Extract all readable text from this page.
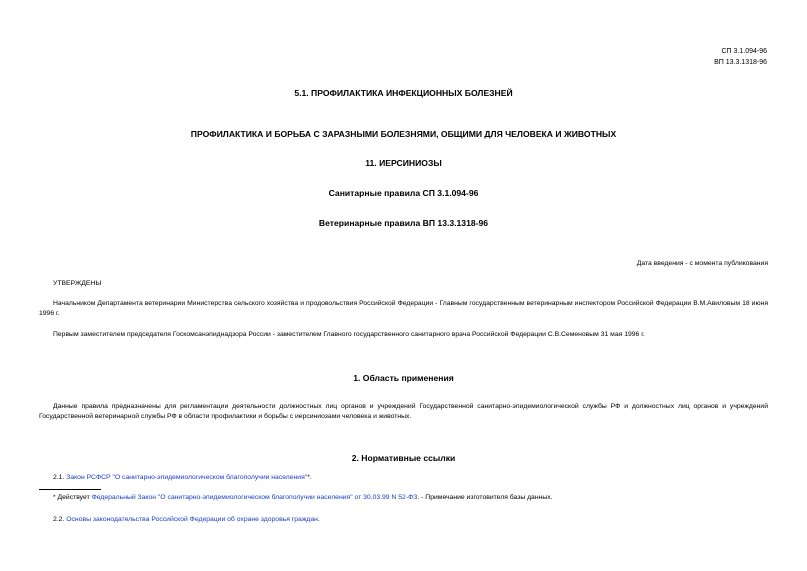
СП 3.1.094-96
ВП 13.3.1318-96
5.1. ПРОФИЛАКТИКА ИНФЕКЦИОННЫХ БОЛЕЗНЕЙ
ПРОФИЛАКТИКА И БОРЬБА С ЗАРАЗНЫМИ БОЛЕЗНЯМИ, ОБЩИМИ ДЛЯ ЧЕЛОВЕКА И ЖИВОТНЫХ
11. ИЕРСИНИОЗЫ
Санитарные правила СП 3.1.094-96
Ветеринарные правила ВП 13.3.1318-96
Дата введения - с момента публикования
УТВЕРЖДЕНЫ
Начальником Департамента ветеринарии Министерства сельского хозяйства и продовольствия Российской Федерации - Главным государственным ветеринарным инспектором Российской Федерации В.М.Авиловым 18 июня 1996 г.
Первым заместителем председателя Госкомсанэпиднадзора России - заместителем Главного государственного санитарного врача Российской Федерации С.В.Семеновым 31 мая 1996 г.
1. Область применения
Данные правила предназначены для регламентации деятельности должностных лиц органов и учреждений Государственной санитарно-эпидемиологической службы РФ и должностных лиц органов и учреждений Государственной ветеринарной службы РФ в области профилактики и борьбы с иерсиниозами человека и животных.
2. Нормативные ссылки
2.1. Закон РСФСР "О санитарно-эпидемиологическом благополучии населения"*.
* Действует Федеральный Закон "О санитарно-эпидемиологическом благополучии населения" от 30.03.99 N 52-ФЗ. - Примечание изготовителя базы данных.
2.2. Основы законодательства Российской Федерации об охране здоровья граждан.
